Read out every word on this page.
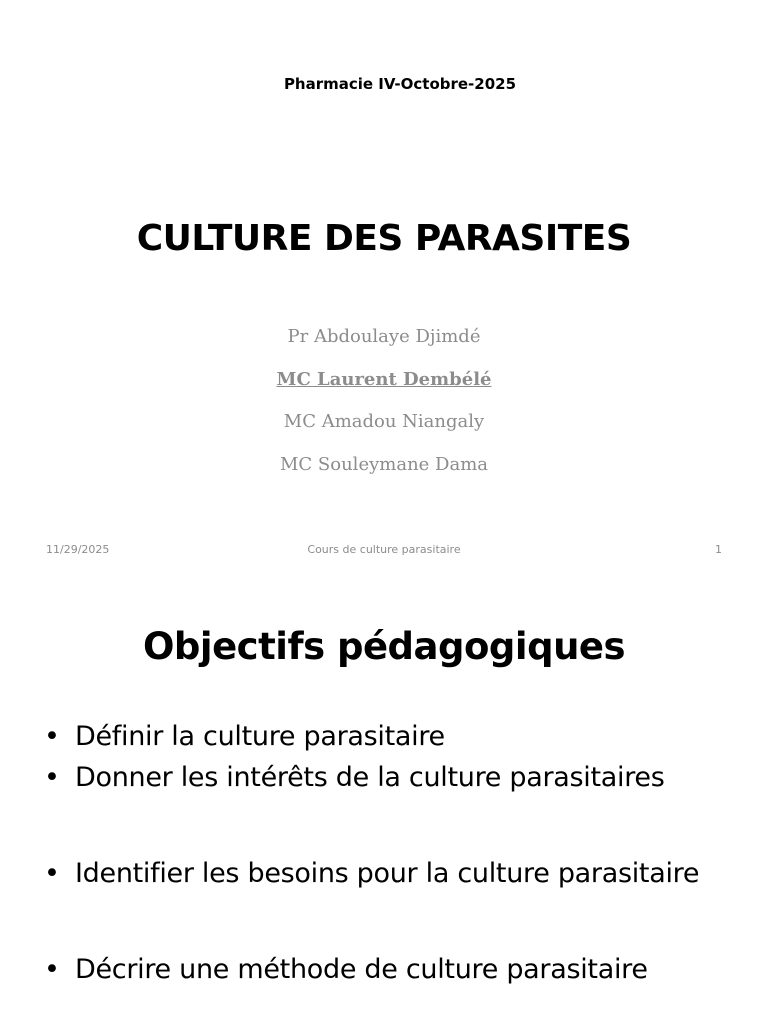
Pharmacie IV-Octobre-2025
CULTURE DES PARASITES
Pr Abdoulaye Djimdé
MC Laurent Dembélé
MC Amadou Niangaly
MC Souleymane Dama
11/29/2025	Cours de culture parasitaire	1
Objectifs pédagogiques
• Définir la culture parasitaire
• Donner les intérêts de la culture parasitaires
• Identifier les besoins pour la culture parasitaire
• Décrire une méthode de culture parasitaire
